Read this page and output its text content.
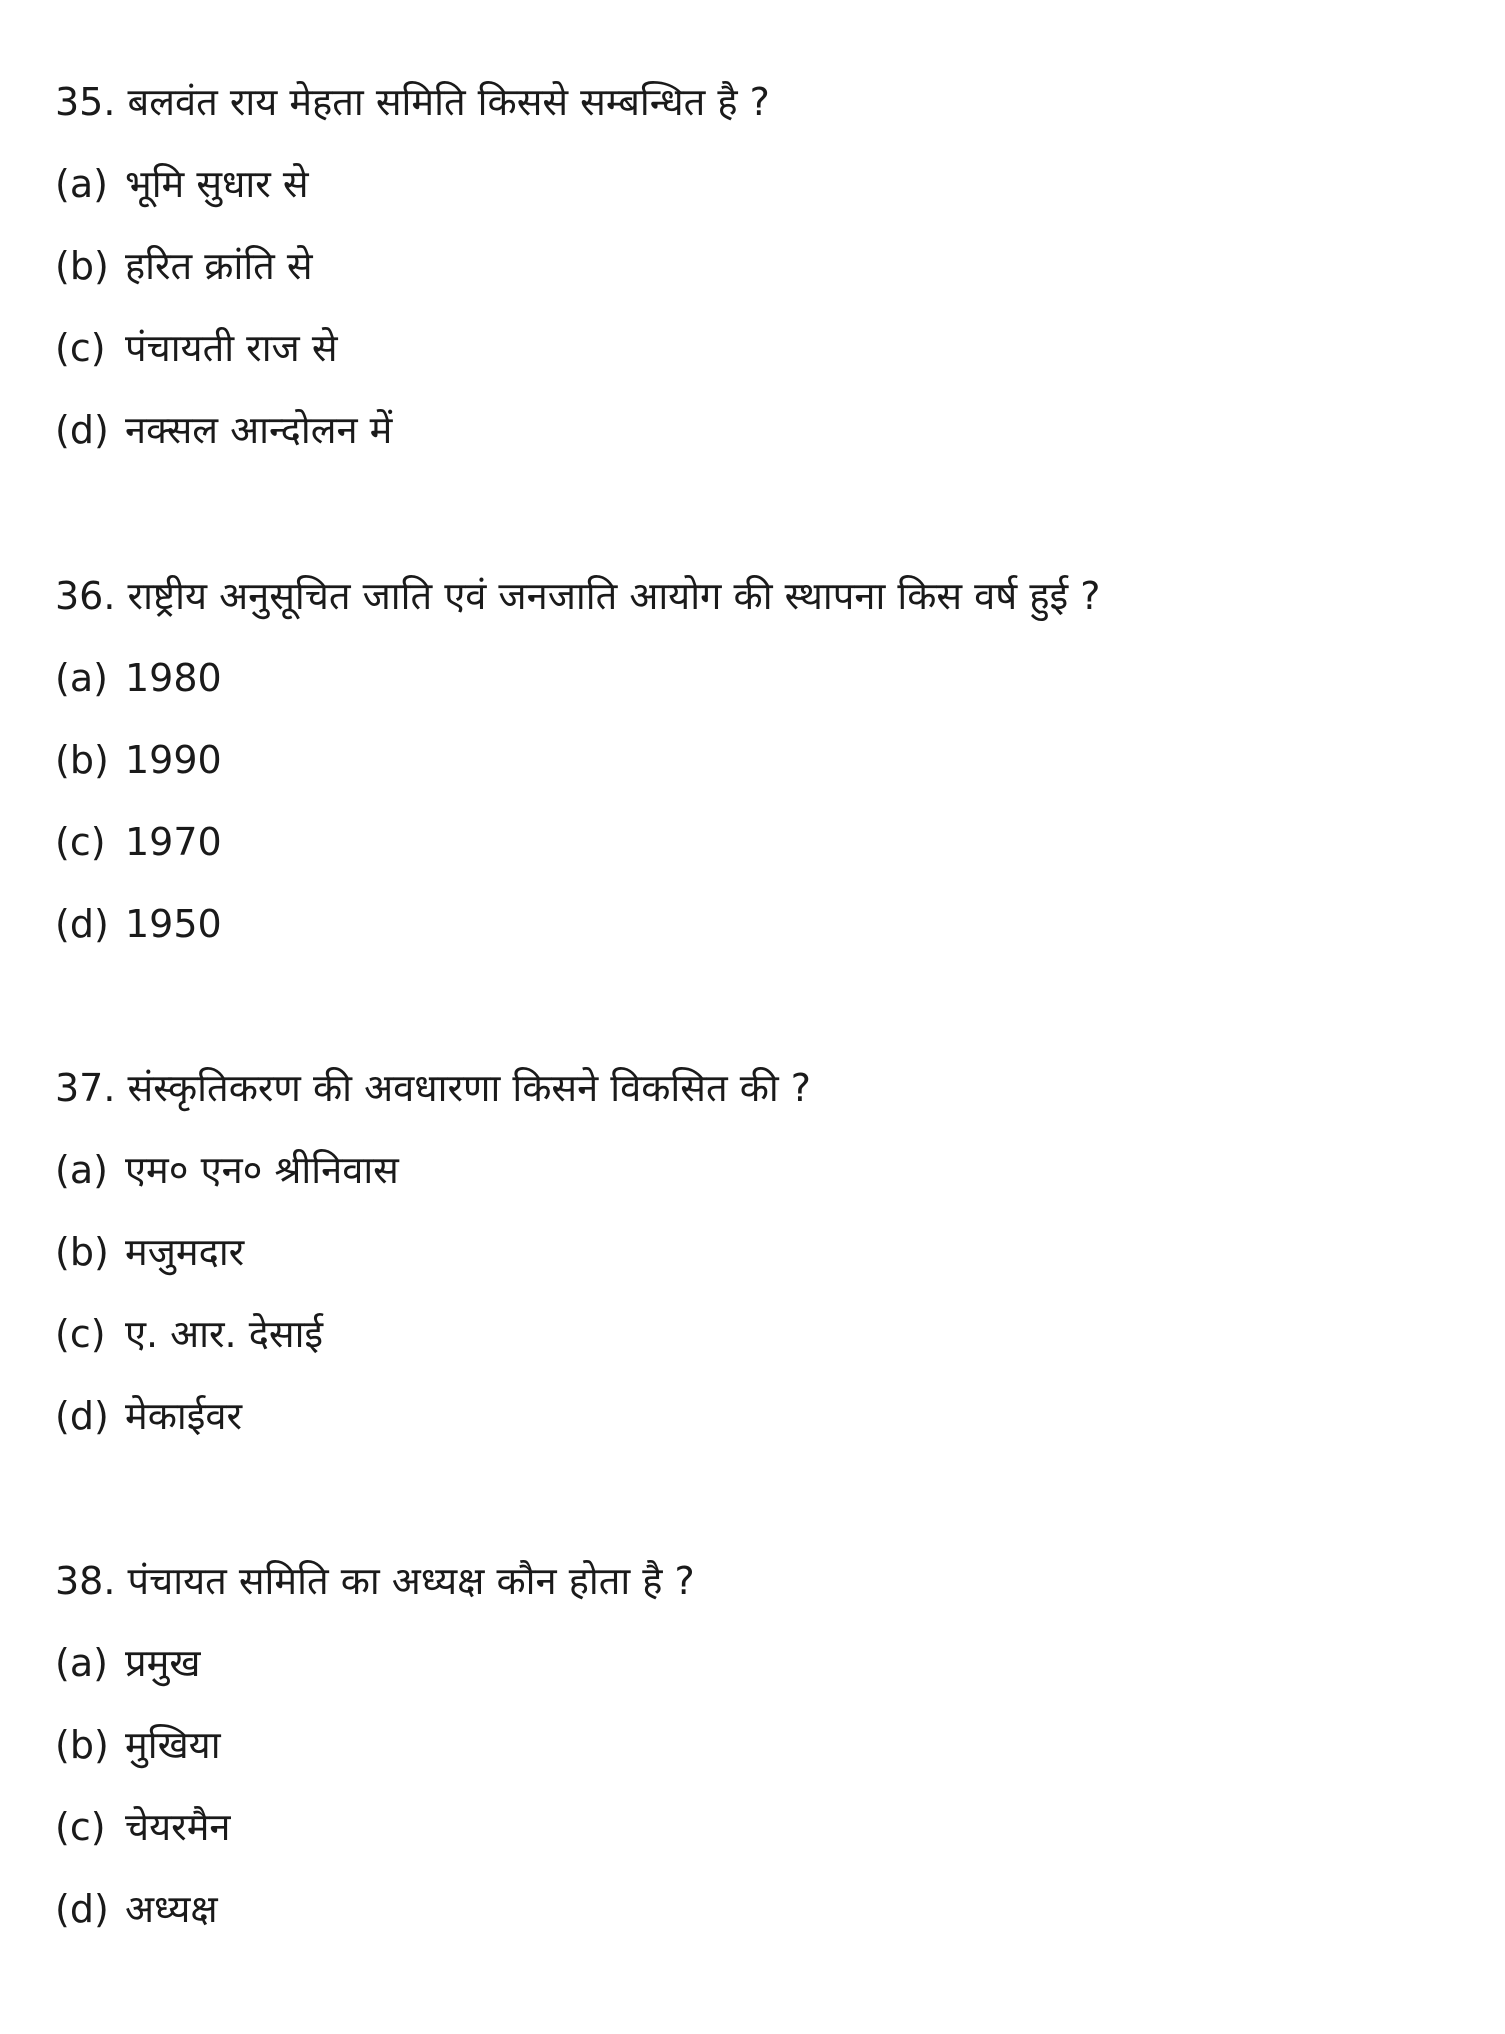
35. बलवंत राय मेहता समिति किससे सम्बन्धित है ?
(a) भूमि सुधार से
(b) हरित क्रांति से
(c) पंचायती राज से
(d) नक्सल आन्दोलन में
36. राष्ट्रीय अनुसूचित जाति एवं जनजाति आयोग की स्थापना किस वर्ष हुई ?
(a) 1980
(b) 1990
(c) 1970
(d) 1950
37. संस्कृतिकरण की अवधारणा किसने विकसित की ?
(a) एम० एन० श्रीनिवास
(b) मजुमदार
(c) ए. आर. देसाई
(d) मेकाईवर
38. पंचायत समिति का अध्यक्ष कौन होता है ?
(a) प्रमुख
(b) मुखिया
(c) चेयरमैन
(d) अध्यक्ष
